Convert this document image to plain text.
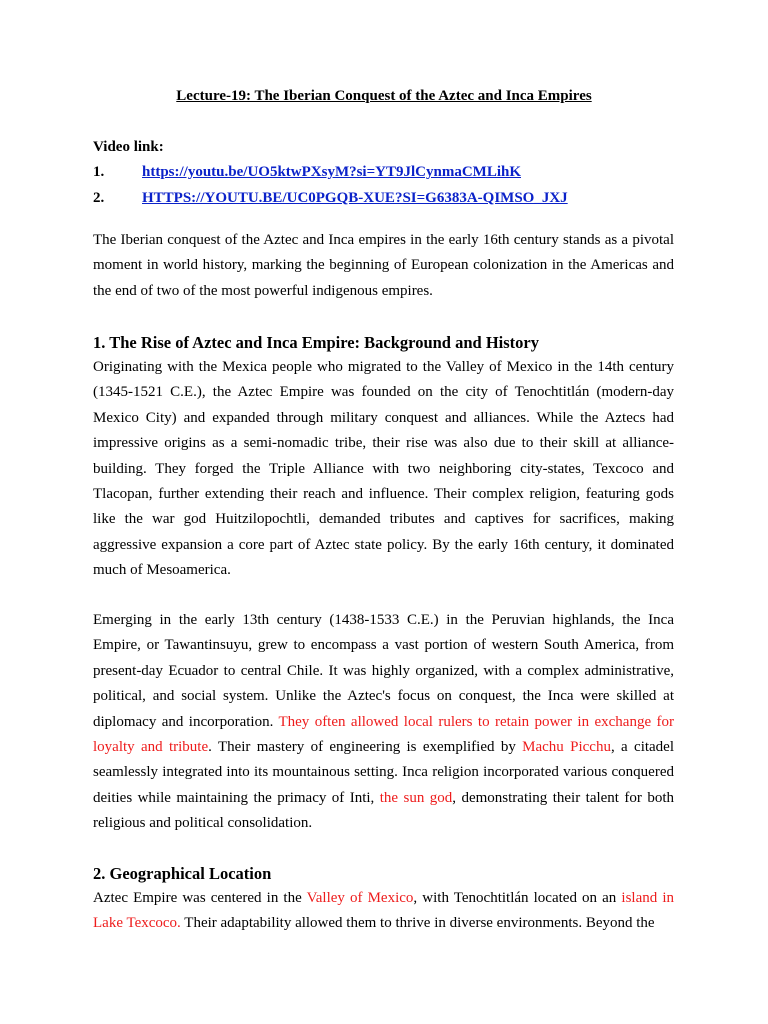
Lecture-19: The Iberian Conquest of the Aztec and Inca Empires
Video link:
1.	https://youtu.be/UO5ktwPXsyM?si=YT9JlCynmaCMLihK
2.	HTTPS://YOUTU.BE/UC0PGQB-XUE?SI=G6383A-QIMSO_JXJ

The Iberian conquest of the Aztec and Inca empires in the early 16th century stands as a pivotal moment in world history, marking the beginning of European colonization in the Americas and the end of two of the most powerful indigenous empires.

1. The Rise of Aztec and Inca Empire: Background and History

Originating with the Mexica people who migrated to the Valley of Mexico in the 14th century (1345-1521 C.E.), the Aztec Empire was founded on the city of Tenochtitlán (modern-day Mexico City) and expanded through military conquest and alliances. While the Aztecs had impressive origins as a semi-nomadic tribe, their rise was also due to their skill at alliance-building. They forged the Triple Alliance with two neighboring city-states, Texcoco and Tlacopan, further extending their reach and influence. Their complex religion, featuring gods like the war god Huitzilopochtli, demanded tributes and captives for sacrifices, making aggressive expansion a core part of Aztec state policy. By the early 16th century, it dominated much of Mesoamerica.

Emerging in the early 13th century (1438-1533 C.E.) in the Peruvian highlands, the Inca Empire, or Tawantinsuyu, grew to encompass a vast portion of western South America, from present-day Ecuador to central Chile. It was highly organized, with a complex administrative, political, and social system. Unlike the Aztec's focus on conquest, the Inca were skilled at diplomacy and incorporation. They often allowed local rulers to retain power in exchange for loyalty and tribute. Their mastery of engineering is exemplified by Machu Picchu, a citadel seamlessly integrated into its mountainous setting. Inca religion incorporated various conquered deities while maintaining the primacy of Inti, the sun god, demonstrating their talent for both religious and political consolidation.

2. Geographical Location

Aztec Empire was centered in the Valley of Mexico, with Tenochtitlán located on an island in Lake Texcoco. Their adaptability allowed them to thrive in diverse environments. Beyond the
